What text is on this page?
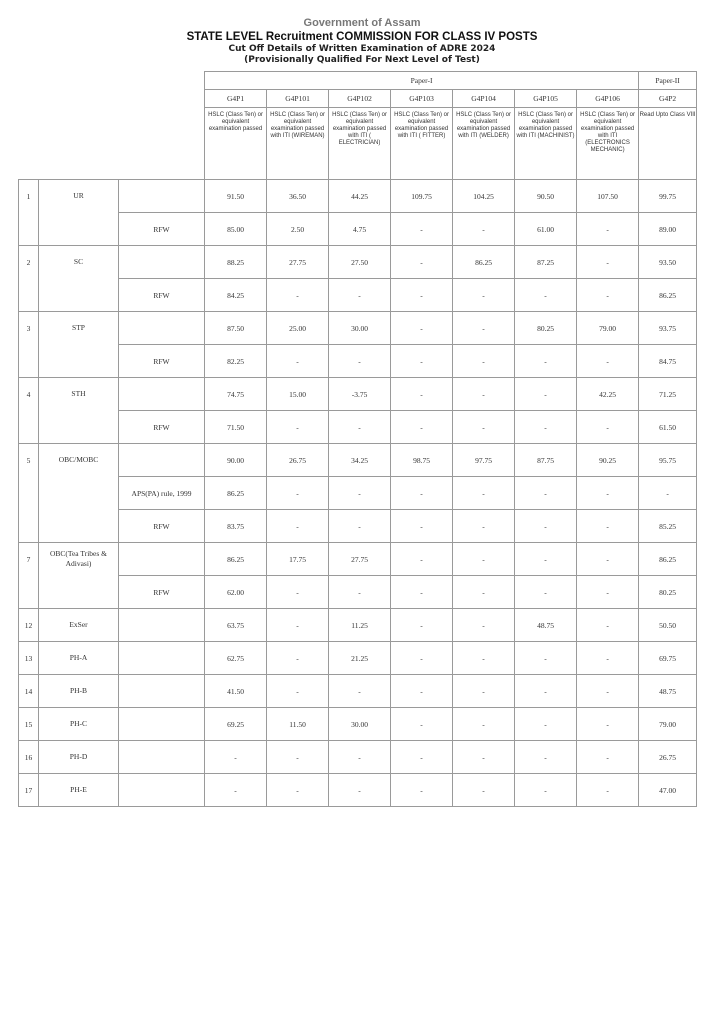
Government of Assam
STATE LEVEL Recruitment COMMISSION FOR CLASS IV POSTS
Cut Off Details of Written Examination of ADRE 2024
(Provisionally Qualified For Next Level of Test)
			Paper-I							Paper-II
			G4P1	G4P101	G4P102	G4P103	G4P104	G4P105	G4P106	G4P2
			HSLC (Class Ten) or equivalent examination passed	HSLC (Class Ten) or equivalent examination passed with ITI (WIREMAN)	HSLC (Class Ten) or equivalent examination passed with ITI ( ELECTRICIAN)	HSLC (Class Ten) or equivalent examination passed with ITI ( FITTER)	HSLC (Class Ten) or equivalent examination passed with ITI (WELDER)	HSLC (Class Ten) or equivalent examination passed with ITI (MACHINIST)	HSLC (Class Ten) or equivalent examination passed with ITI (ELECTRONICS MECHANIC)	Read Upto Class VIII
1	UR		91.50	36.50	44.25	109.75	104.25	90.50	107.50	99.75
		RFW	85.00	2.50	4.75	-	-	61.00	-	89.00
2	SC		88.25	27.75	27.50	-	86.25	87.25	-	93.50
		RFW	84.25	-	-	-	-	-	-	86.25
3	STP		87.50	25.00	30.00	-	-	80.25	79.00	93.75
		RFW	82.25	-	-	-	-	-	-	84.75
4	STH		74.75	15.00	-3.75	-	-	-	42.25	71.25
		RFW	71.50	-	-	-	-	-	-	61.50
5	OBC/MOBC		90.00	26.75	34.25	98.75	97.75	87.75	90.25	95.75
		APS(PA) rule, 1999	86.25	-	-	-	-	-	-	-
		RFW	83.75	-	-	-	-	-	-	85.25
7	OBC(Tea Tribes & Adivasi)		86.25	17.75	27.75	-	-	-	-	86.25
		RFW	62.00	-	-	-	-	-	-	80.25
12	ExSer		63.75	-	11.25	-	-	48.75	-	50.50
13	PH-A		62.75	-	21.25	-	-	-	-	69.75
14	PH-B		41.50	-	-	-	-	-	-	48.75
15	PH-C		69.25	11.50	30.00	-	-	-	-	79.00
16	PH-D		-	-	-	-	-	-	-	26.75
17	PH-E		-	-	-	-	-	-	-	47.00
